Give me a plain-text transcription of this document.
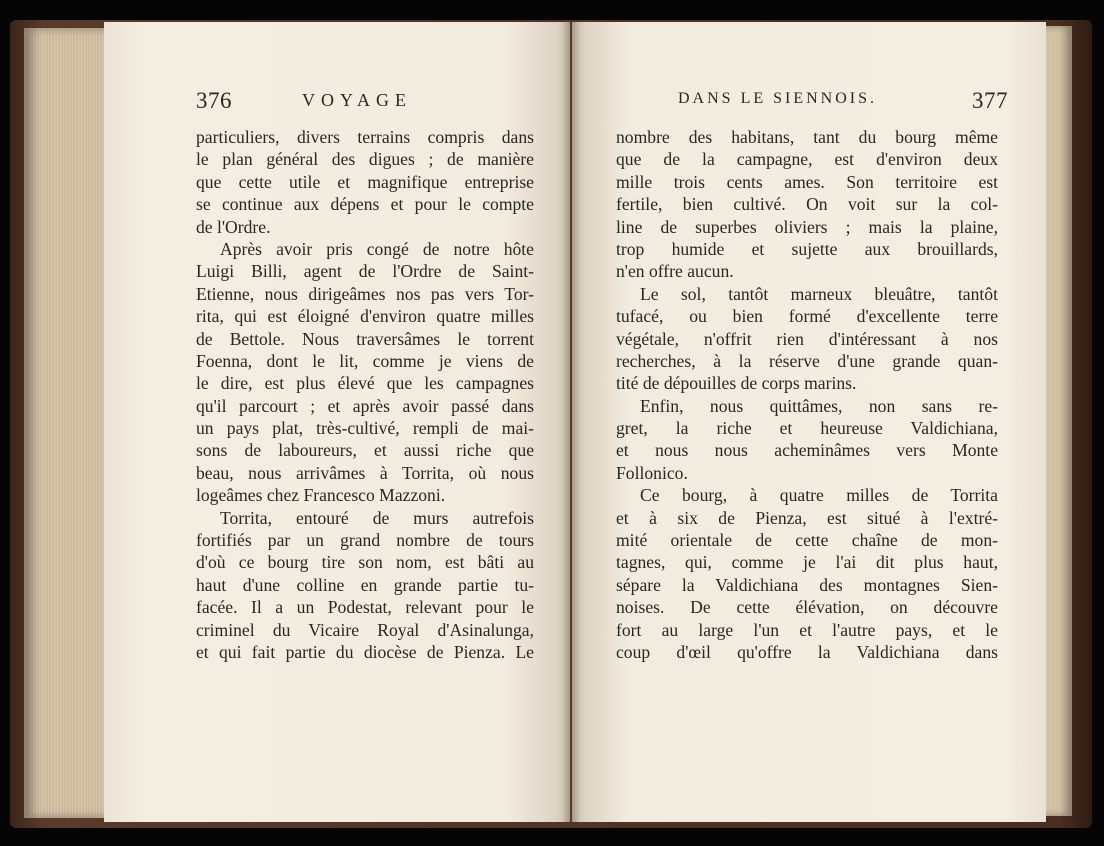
376	VOYAGE
particuliers, divers terrains compris dans
le plan général des digues ; de manière
que cette utile et magnifique entreprise
se continue aux dépens et pour le compte
de l'Ordre.
Après avoir pris congé de notre hôte
Luigi Billi, agent de l'Ordre de Saint-
Etienne, nous dirigeâmes nos pas vers Tor-
rita, qui est éloigné d'environ quatre milles
de Bettole. Nous traversâmes le torrent
Foenna, dont le lit, comme je viens de
le dire, est plus élevé que les campagnes
qu'il parcourt ; et après avoir passé dans
un pays plat, très-cultivé, rempli de mai-
sons de laboureurs, et aussi riche que
beau, nous arrivâmes à Torrita, où nous
logeâmes chez Francesco Mazzoni.
Torrita, entouré de murs autrefois
fortifiés par un grand nombre de tours
d'où ce bourg tire son nom, est bâti au
haut d'une colline en grande partie tu-
facée. Il a un Podestat, relevant pour le
criminel du Vicaire Royal d'Asinalunga,
et qui fait partie du diocèse de Pienza. Le
DANS LE SIENNOIS.	377
nombre des habitans, tant du bourg même
que de la campagne, est d'environ deux
mille trois cents ames. Son territoire est
fertile, bien cultivé. On voit sur la col-
line de superbes oliviers ; mais la plaine,
trop humide et sujette aux brouillards,
n'en offre aucun.
Le sol, tantôt marneux bleuâtre, tantôt
tufacé, ou bien formé d'excellente terre
végétale, n'offrit rien d'intéressant à nos
recherches, à la réserve d'une grande quan-
tité de dépouilles de corps marins.
Enfin, nous quittâmes, non sans re-
gret, la riche et heureuse Valdichiana,
et nous nous acheminâmes vers Monte
Follonico.
Ce bourg, à quatre milles de Torrita
et à six de Pienza, est situé à l'extré-
mité orientale de cette chaîne de mon-
tagnes, qui, comme je l'ai dit plus haut,
sépare la Valdichiana des montagnes Sien-
noises. De cette élévation, on découvre
fort au large l'un et l'autre pays, et le
coup d'œil qu'offre la Valdichiana dans
